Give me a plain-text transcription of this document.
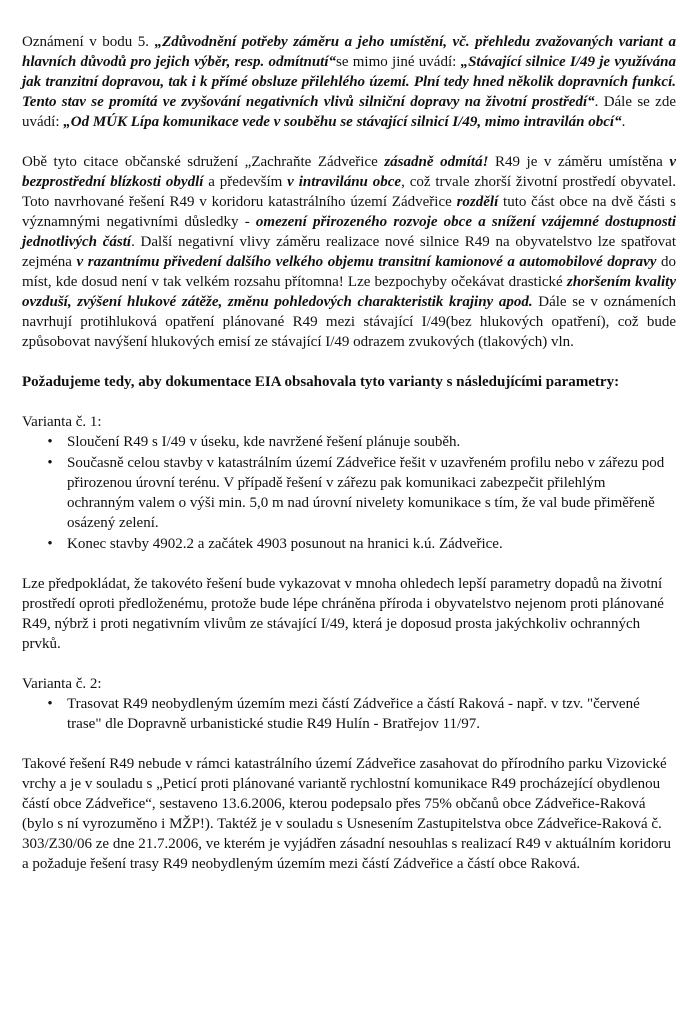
Oznámení v bodu 5. „Zdůvodnění potřeby záměru a jeho umístění, vč. přehledu zvažovaných variant a hlavních důvodů pro jejich výběr, resp. odmítnutí“se mimo jiné uvádí: „Stávající silnice I/49 je využívána jak tranzitní dopravou, tak i k přímé obsluze přilehlého území. Plní tedy hned několik dopravních funkcí. Tento stav se promítá ve zvyšování negativních vlivů silniční dopravy na životní prostředí“. Dále se zde uvádí: „Od MÚK Lípa komunikace vede v souběhu se stávající silnicí I/49, mimo intravilán obcí“.

Obě tyto citace občanské sdružení „Zachraňte Zádveřice zásadně odmítá! R49 je v záměru umístěna v bezprostřední blízkosti obydlí a především v intravilánu obce, což trvale zhorší životní prostředí obyvatel. Toto navrhované řešení R49 v koridoru katastrálního území Zádveřice rozdělí tuto část obce na dvě části s významnými negativními důsledky - omezení přirozeného rozvoje obce a snížení vzájemné dostupnosti jednotlivých částí. Další negativní vlivy záměru realizace nové silnice R49 na obyvatelstvo lze spatřovat zejména v razantnímu přivedení dalšího velkého objemu transitní kamionové a automobilové dopravy do míst, kde dosud není v tak velkém rozsahu přítomna! Lze bezpochyby očekávat drastické zhoršením kvality ovzduší, zvýšení hlukové zátěže, změnu pohledových charakteristik krajiny apod. Dále se v oznámeních navrhují protihluková opatření plánované R49 mezi stávající I/49(bez hlukových opatření), což bude způsobovat navýšení hlukových emisí ze stávající I/49 odrazem zvukových (tlakových) vln.

Požadujeme tedy, aby dokumentace EIA obsahovala tyto varianty s následujícími parametry:

Varianta č. 1:

• Sloučení R49 s I/49 v úseku, kde navržené řešení plánuje souběh.
• Současně celou stavby v katastrálním území Zádveřice řešit v uzavřeném profilu nebo v zářezu pod přirozenou úrovní terénu. V případě řešení v zářezu pak komunikaci zabezpečit přilehlým ochranným valem o výši min. 5,0 m nad úrovní nivelety komunikace s tím, že val bude přiměřeně osázený zelení.
• Konec stavby 4902.2 a začátek 4903 posunout na hranici k.ú. Zádveřice.

Lze předpokládat, že takovéto řešení bude vykazovat v mnoha ohledech lepší parametry dopadů na životní prostředí oproti předloženému, protože bude lépe chráněna příroda i obyvatelstvo nejenom proti plánované R49, nýbrž i proti negativním vlivům ze stávající I/49, která je doposud prosta jakýchkoliv ochranných prvků.

Varianta č. 2:

• Trasovat R49 neobydleným územím mezi částí Zádveřice a částí Raková - např. v tzv. "červené trase" dle Dopravně urbanistické studie R49 Hulín - Bratřejov 11/97.

Takové řešení R49 nebude v rámci katastrálního území Zádveřice zasahovat do přírodního parku Vizovické vrchy a je v souladu s „Peticí proti plánované variantě rychlostní komunikace R49 procházející obydlenou částí obce Zádveřice“, sestaveno 13.6.2006, kterou podepsalo přes 75% občanů obce Zádveřice-Raková (bylo s ní vyrozuměno i MŽP!). Taktéž je v souladu s Usnesením Zastupitelstva obce Zádveřice-Raková č. 303/Z30/06 ze dne 21.7.2006, ve kterém je vyjádřen zásadní nesouhlas s realizací R49 v aktuálním koridoru a požaduje řešení trasy R49 neobydleným územím mezi částí Zádveřice a částí obce Raková.
